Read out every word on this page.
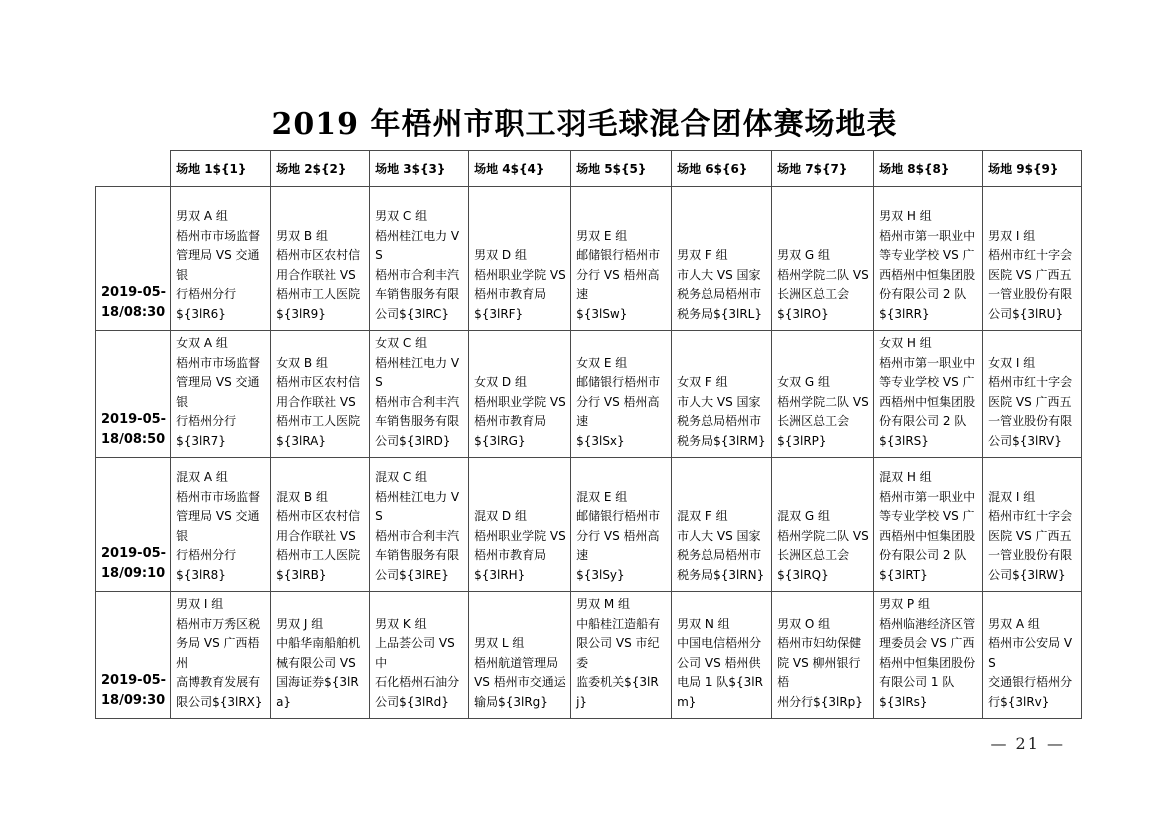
2019 年梧州市职工羽毛球混合团体赛场地表
	场地 1${1}	场地 2${2}	场地 3${3}	场地 4${4}	场地 5${5}	场地 6${6}	场地 7${7}	场地 8${8}	场地 9${9}
2019-05-
18/08:30	男双 A 组
梧州市市场监督
管理局 VS 交通银
行梧州分行
${3lR6}	男双 B 组
梧州市区农村信
用合作联社 VS
梧州市工人医院
${3lR9}	男双 C 组
梧州桂江电力 VS
梧州市合利丰汽
车销售服务有限
公司${3lRC}	男双 D 组
梧州职业学院 VS
梧州市教育局
${3lRF}	男双 E 组
邮储银行梧州市
分行 VS 梧州高速
${3lSw}	男双 F 组
市人大 VS 国家
税务总局梧州市
税务局${3lRL}	男双 G 组
梧州学院二队 VS
长洲区总工会
${3lRO}	男双 H 组
梧州市第一职业中
等专业学校 VS 广
西梧州中恒集团股
份有限公司 2 队
${3lRR}	男双 I 组
梧州市红十字会
医院 VS 广西五
一管业股份有限
公司${3lRU}
2019-05-
18/08:50	女双 A 组
梧州市市场监督
管理局 VS 交通银
行梧州分行
${3lR7}	女双 B 组
梧州市区农村信
用合作联社 VS
梧州市工人医院
${3lRA}	女双 C 组
梧州桂江电力 VS
梧州市合利丰汽
车销售服务有限
公司${3lRD}	女双 D 组
梧州职业学院 VS
梧州市教育局
${3lRG}	女双 E 组
邮储银行梧州市
分行 VS 梧州高速
${3lSx}	女双 F 组
市人大 VS 国家
税务总局梧州市
税务局${3lRM}	女双 G 组
梧州学院二队 VS
长洲区总工会
${3lRP}	女双 H 组
梧州市第一职业中
等专业学校 VS 广
西梧州中恒集团股
份有限公司 2 队
${3lRS}	女双 I 组
梧州市红十字会
医院 VS 广西五
一管业股份有限
公司${3lRV}
2019-05-
18/09:10	混双 A 组
梧州市市场监督
管理局 VS 交通银
行梧州分行
${3lR8}	混双 B 组
梧州市区农村信
用合作联社 VS
梧州市工人医院
${3lRB}	混双 C 组
梧州桂江电力 VS
梧州市合利丰汽
车销售服务有限
公司${3lRE}	混双 D 组
梧州职业学院 VS
梧州市教育局
${3lRH}	混双 E 组
邮储银行梧州市
分行 VS 梧州高速
${3lSy}	混双 F 组
市人大 VS 国家
税务总局梧州市
税务局${3lRN}	混双 G 组
梧州学院二队 VS
长洲区总工会
${3lRQ}	混双 H 组
梧州市第一职业中
等专业学校 VS 广
西梧州中恒集团股
份有限公司 2 队
${3lRT}	混双 I 组
梧州市红十字会
医院 VS 广西五
一管业股份有限
公司${3lRW}
2019-05-
18/09:30	男双 I 组
梧州市万秀区税
务局 VS 广西梧州
高博教育发展有
限公司${3lRX}	男双 J 组
中船华南船舶机
械有限公司 VS
国海证券${3lRa}	男双 K 组
上品荟公司 VS 中
石化梧州石油分
公司${3lRd}	男双 L 组
梧州航道管理局
VS 梧州市交通运
输局${3lRg}	男双 M 组
中船桂江造船有
限公司 VS 市纪委
监委机关${3lRj}	男双 N 组
中国电信梧州分
公司 VS 梧州供
电局 1 队${3lRm}	男双 O 组
梧州市妇幼保健
院 VS 柳州银行梧
州分行${3lRp}	男双 P 组
梧州临港经济区管
理委员会 VS 广西
梧州中恒集团股份
有限公司 1 队
${3lRs}	男双 A 组
梧州市公安局 VS
交通银行梧州分
行${3lRv}
— 21 —
